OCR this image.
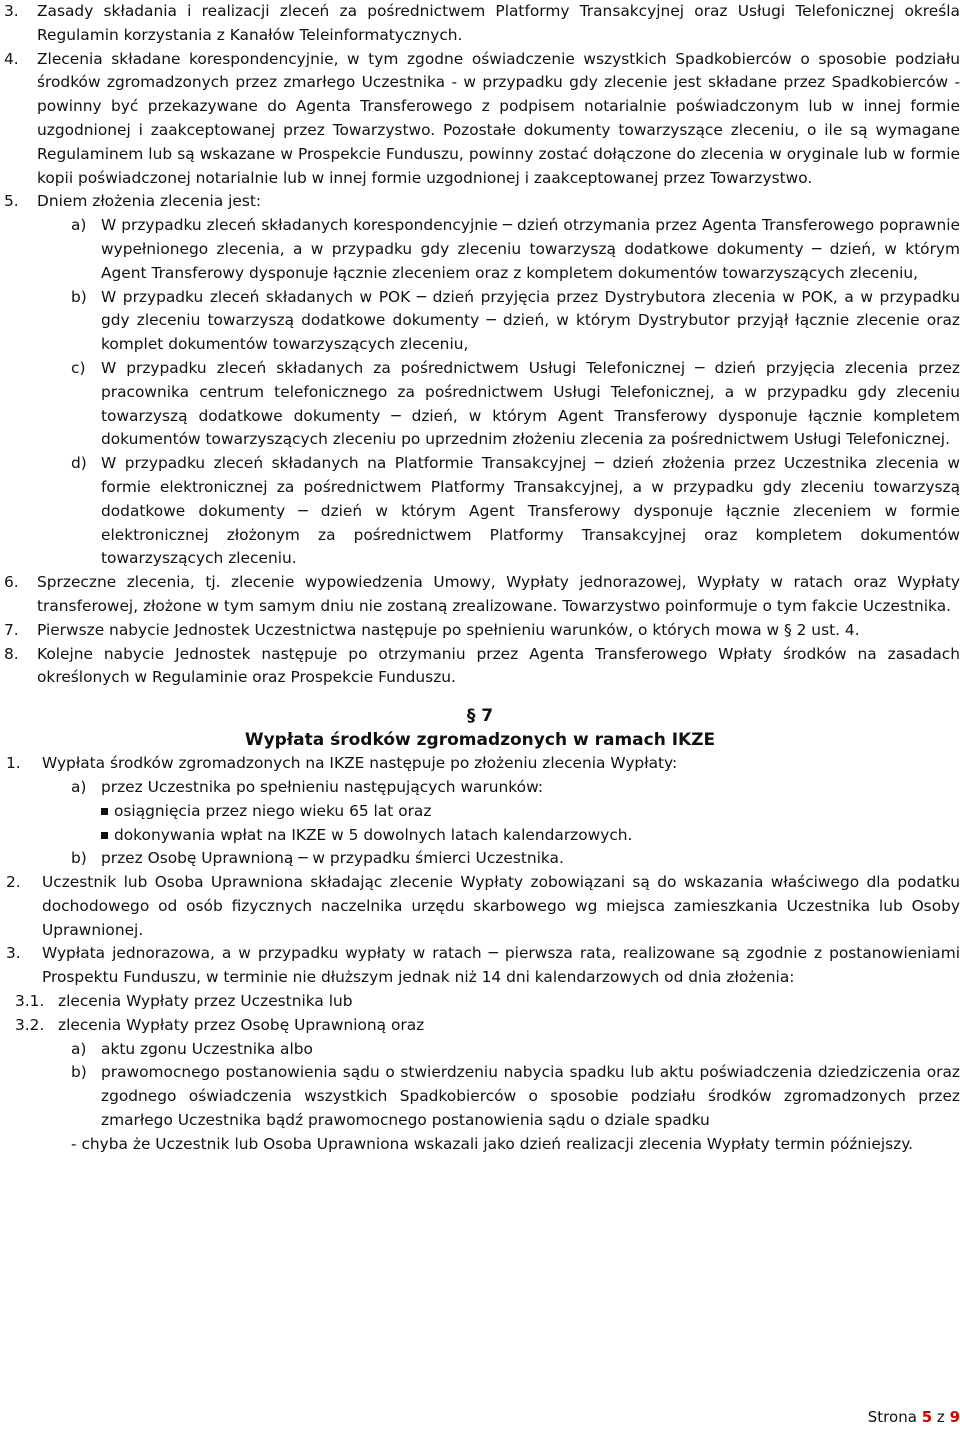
3. Zasady składania i realizacji zleceń za pośrednictwem Platformy Transakcyjnej oraz Usługi Telefonicznej określa Regulamin korzystania z Kanałów Teleinformatycznych.
4. Zlecenia składane korespondencyjnie, w tym zgodne oświadczenie wszystkich Spadkobierców o sposobie podziału środków zgromadzonych przez zmarłego Uczestnika - w przypadku gdy zlecenie jest składane przez Spadkobierców - powinny być przekazywane do Agenta Transferowego z podpisem notarialnie poświadczonym lub w innej formie uzgodnionej i zaakceptowanej przez Towarzystwo. Pozostałe dokumenty towarzyszące zleceniu, o ile są wymagane Regulaminem lub są wskazane w Prospekcie Funduszu, powinny zostać dołączone do zlecenia w oryginale lub w formie kopii poświadczonej notarialnie lub w innej formie uzgodnionej i zaakceptowanej przez Towarzystwo.
5. Dniem złożenia zlecenia jest:
a) W przypadku zleceń składanych korespondencyjnie ─ dzień otrzymania przez Agenta Transferowego poprawnie wypełnionego zlecenia, a w przypadku gdy zleceniu towarzyszą dodatkowe dokumenty ─ dzień, w którym Agent Transferowy dysponuje łącznie zleceniem oraz z kompletem dokumentów towarzyszących zleceniu,
b) W przypadku zleceń składanych w POK ─ dzień przyjęcia przez Dystrybutora zlecenia w POK, a w przypadku gdy zleceniu towarzyszą dodatkowe dokumenty ─ dzień, w którym Dystrybutor przyjął łącznie zlecenie oraz komplet dokumentów towarzyszących zleceniu,
c) W przypadku zleceń składanych za pośrednictwem Usługi Telefonicznej ─ dzień przyjęcia zlecenia przez pracownika centrum telefonicznego za pośrednictwem Usługi Telefonicznej, a w przypadku gdy zleceniu towarzyszą dodatkowe dokumenty ─ dzień, w którym Agent Transferowy dysponuje łącznie kompletem dokumentów towarzyszących zleceniu po uprzednim złożeniu zlecenia za pośrednictwem Usługi Telefonicznej.
d) W przypadku zleceń składanych na Platformie Transakcyjnej ─ dzień złożenia przez Uczestnika zlecenia w formie elektronicznej za pośrednictwem Platformy Transakcyjnej, a w przypadku gdy zleceniu towarzyszą dodatkowe dokumenty ─ dzień w którym Agent Transferowy dysponuje łącznie zleceniem w formie elektronicznej złożonym za pośrednictwem Platformy Transakcyjnej oraz kompletem dokumentów towarzyszących zleceniu.
6. Sprzeczne zlecenia, tj. zlecenie wypowiedzenia Umowy, Wypłaty jednorazowej, Wypłaty w ratach oraz Wypłaty transferowej, złożone w tym samym dniu nie zostaną zrealizowane. Towarzystwo poinformuje o tym fakcie Uczestnika.
7. Pierwsze nabycie Jednostek Uczestnictwa następuje po spełnieniu warunków, o których mowa w § 2 ust. 4.
8. Kolejne nabycie Jednostek następuje po otrzymaniu przez Agenta Transferowego Wpłaty środków na zasadach określonych w Regulaminie oraz Prospekcie Funduszu.
§ 7
Wypłata środków zgromadzonych w ramach IKZE
1. Wypłata środków zgromadzonych na IKZE następuje po złożeniu zlecenia Wypłaty:
a) przez Uczestnika po spełnieniu następujących warunków:
osiągnięcia przez niego wieku 65 lat oraz
dokonywania wpłat na IKZE w 5 dowolnych latach kalendarzowych.
b) przez Osobę Uprawnioną ─ w przypadku śmierci Uczestnika.
2. Uczestnik lub Osoba Uprawniona składając zlecenie Wypłaty zobowiązani są do wskazania właściwego dla podatku dochodowego od osób fizycznych naczelnika urzędu skarbowego wg miejsca zamieszkania Uczestnika lub Osoby Uprawnionej.
3. Wypłata jednorazowa, a w przypadku wypłaty w ratach ─ pierwsza rata, realizowane są zgodnie z postanowieniami Prospektu Funduszu, w terminie nie dłuższym jednak niż 14 dni kalendarzowych od dnia złożenia:
3.1. zlecenia Wypłaty przez Uczestnika lub
3.2. zlecenia Wypłaty przez Osobę Uprawnioną oraz
a) aktu zgonu Uczestnika albo
b) prawomocnego postanowienia sądu o stwierdzeniu nabycia spadku lub aktu poświadczenia dziedziczenia oraz zgodnego oświadczenia wszystkich Spadkobierców o sposobie podziału środków zgromadzonych przez zmarłego Uczestnika bądź prawomocnego postanowienia sądu o dziale spadku
- chyba że Uczestnik lub Osoba Uprawniona wskazali jako dzień realizacji zlecenia Wypłaty termin późniejszy.
Strona 5 z 9
